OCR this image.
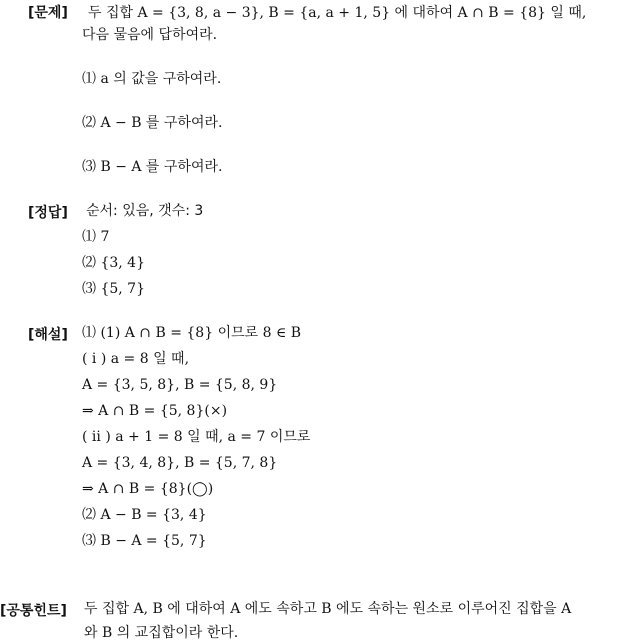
[문제] 두 집합 A = {3, 8, a − 3}, B = {a, a + 1, 5} 에 대하여 A ∩ B = {8} 일 때,
다음 물음에 답하여라.
⑴ a 의 값을 구하여라.
⑵ A − B 를 구하여라.
⑶ B − A 를 구하여라.
[정답] 순서: 있음, 갯수: 3
⑴ 7
⑵ {3, 4}
⑶ {5, 7}
[해설] ⑴ (1) A ∩ B = {8} 이므로 8 ∈ B
( i ) a = 8 일 때,
A = {3, 5, 8}, B = {5, 8, 9}
⇒ A ∩ B = {5, 8}(×)
( ii ) a + 1 = 8 일 때, a = 7 이므로
A = {3, 4, 8}, B = {5, 7, 8}
⇒ A ∩ B = {8}(◯)
⑵ A − B = {3, 4}
⑶ B − A = {5, 7}
[공통힌트] 두 집합 A, B 에 대하여 A 에도 속하고 B 에도 속하는 원소로 이루어진 집합을 A
와 B 의 교집합이라 한다.
